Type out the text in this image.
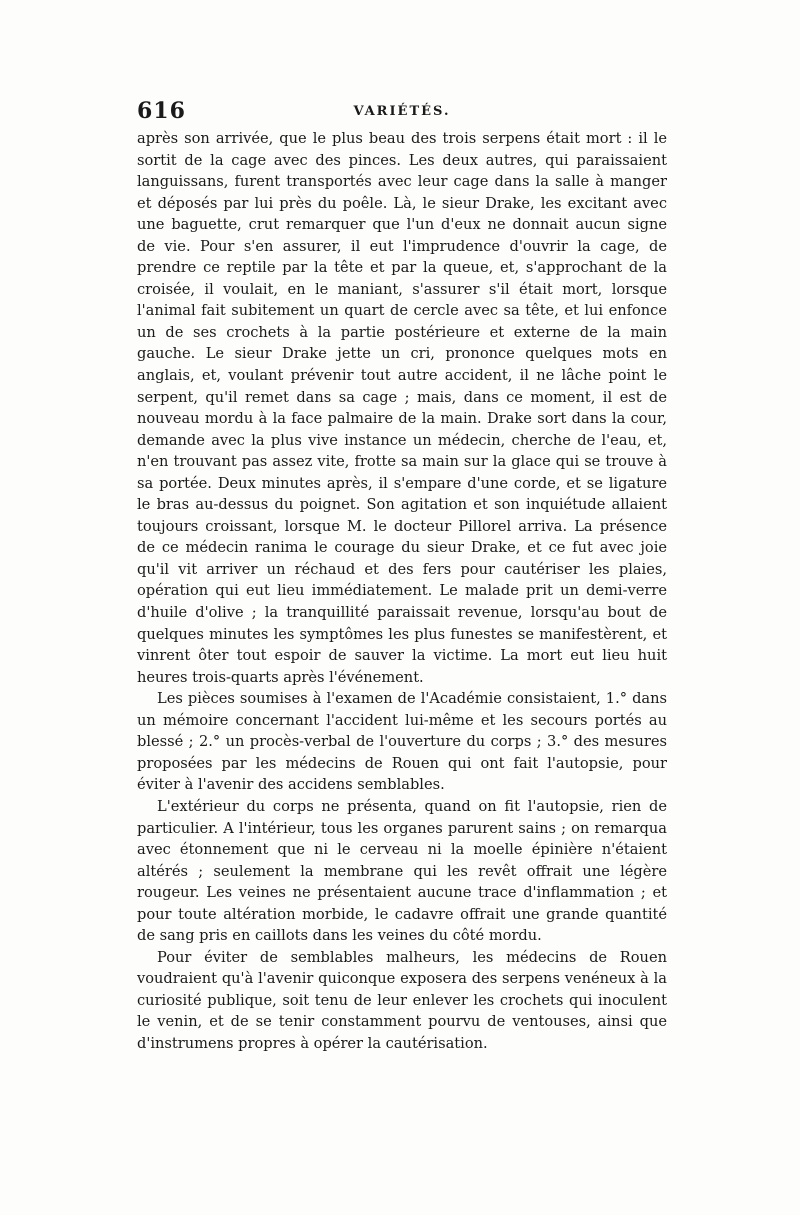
616	VARIÉTÉS.

après son arrivée, que le plus beau des trois serpens était mort : il le sortit de la cage avec des pinces. Les deux autres, qui paraissaient languissans, furent transportés avec leur cage dans la salle à manger et déposés par lui près du poêle. Là, le sieur Drake, les excitant avec une baguette, crut remarquer que l'un d'eux ne donnait aucun signe de vie. Pour s'en assurer, il eut l'imprudence d'ouvrir la cage, de prendre ce reptile par la tête et par la queue, et, s'approchant de la croisée, il voulait, en le maniant, s'assurer s'il était mort, lorsque l'animal fait subitement un quart de cercle avec sa tête, et lui enfonce un de ses crochets à la partie postérieure et externe de la main gauche. Le sieur Drake jette un cri, prononce quelques mots en anglais, et, voulant prévenir tout autre accident, il ne lâche point le serpent, qu'il remet dans sa cage ; mais, dans ce moment, il est de nouveau mordu à la face palmaire de la main. Drake sort dans la cour, demande avec la plus vive instance un médecin, cherche de l'eau, et, n'en trouvant pas assez vite, frotte sa main sur la glace qui se trouve à sa portée. Deux minutes après, il s'empare d'une corde, et se ligature le bras au-dessus du poignet. Son agitation et son inquiétude allaient toujours croissant, lorsque M. le docteur Pillorel arriva. La présence de ce médecin ranima le courage du sieur Drake, et ce fut avec joie qu'il vit arriver un réchaud et des fers pour cautériser les plaies, opération qui eut lieu immédiatement. Le malade prit un demi-verre d'huile d'olive ; la tranquillité paraissait revenue, lorsqu'au bout de quelques minutes les symptômes les plus funestes se manifestèrent, et vinrent ôter tout espoir de sauver la victime. La mort eut lieu huit heures trois-quarts après l'événement.

Les pièces soumises à l'examen de l'Académie consistaient, 1.° dans un mémoire concernant l'accident lui-même et les secours portés au blessé ; 2.° un procès-verbal de l'ouverture du corps ; 3.° des mesures proposées par les médecins de Rouen qui ont fait l'autopsie, pour éviter à l'avenir des accidens semblables.

L'extérieur du corps ne présenta, quand on fit l'autopsie, rien de particulier. A l'intérieur, tous les organes parurent sains ; on remarqua avec étonnement que ni le cerveau ni la moelle épinière n'étaient altérés ; seulement la membrane qui les revêt offrait une légère rougeur. Les veines ne présentaient aucune trace d'inflammation ; et pour toute altération morbide, le cadavre offrait une grande quantité de sang pris en caillots dans les veines du côté mordu.

Pour éviter de semblables malheurs, les médecins de Rouen voudraient qu'à l'avenir quiconque exposera des serpens venéneux à la curiosité publique, soit tenu de leur enlever les crochets qui inoculent le venin, et de se tenir constamment pourvu de ventouses, ainsi que d'instrumens propres à opérer la cautérisation.
